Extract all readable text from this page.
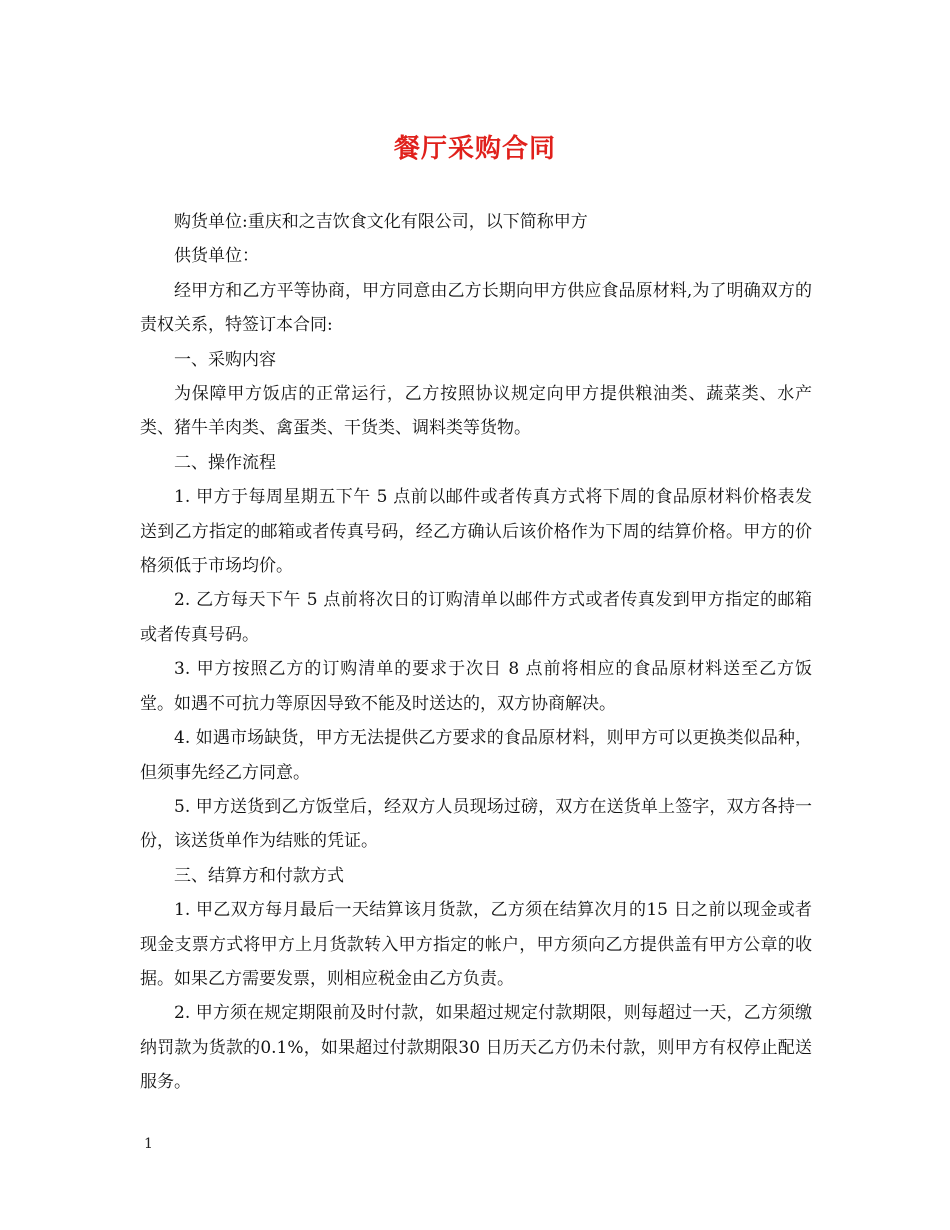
餐厅采购合同

购货单位:重庆和之吉饮食文化有限公司，以下简称甲方

供货单位：

经甲方和乙方平等协商，甲方同意由乙方长期向甲方供应食品原材料,为了明确双方的责权关系，特签订本合同:

一、采购内容

为保障甲方饭店的正常运行，乙方按照协议规定向甲方提供粮油类、蔬菜类、水产类、猪牛羊肉类、禽蛋类、干货类、调料类等货物。

二、操作流程

1. 甲方于每周星期五下午 5 点前以邮件或者传真方式将下周的食品原材料价格表发送到乙方指定的邮箱或者传真号码，经乙方确认后该价格作为下周的结算价格。甲方的价格须低于市场均价。

2. 乙方每天下午 5 点前将次日的订购清单以邮件方式或者传真发到甲方指定的邮箱或者传真号码。

3. 甲方按照乙方的订购清单的要求于次日 8 点前将相应的食品原材料送至乙方饭堂。如遇不可抗力等原因导致不能及时送达的，双方协商解决。

4. 如遇市场缺货，甲方无法提供乙方要求的食品原材料，则甲方可以更换类似品种，但须事先经乙方同意。

5. 甲方送货到乙方饭堂后，经双方人员现场过磅，双方在送货单上签字，双方各持一份，该送货单作为结账的凭证。

三、结算方和付款方式

1. 甲乙双方每月最后一天结算该月货款，乙方须在结算次月的15 日之前以现金或者现金支票方式将甲方上月货款转入甲方指定的帐户，甲方须向乙方提供盖有甲方公章的收据。如果乙方需要发票，则相应税金由乙方负责。

2. 甲方须在规定期限前及时付款，如果超过规定付款期限，则每超过一天，乙方须缴纳罚款为货款的0.1%，如果超过付款期限30 日历天乙方仍未付款，则甲方有权停止配送服务。

1
